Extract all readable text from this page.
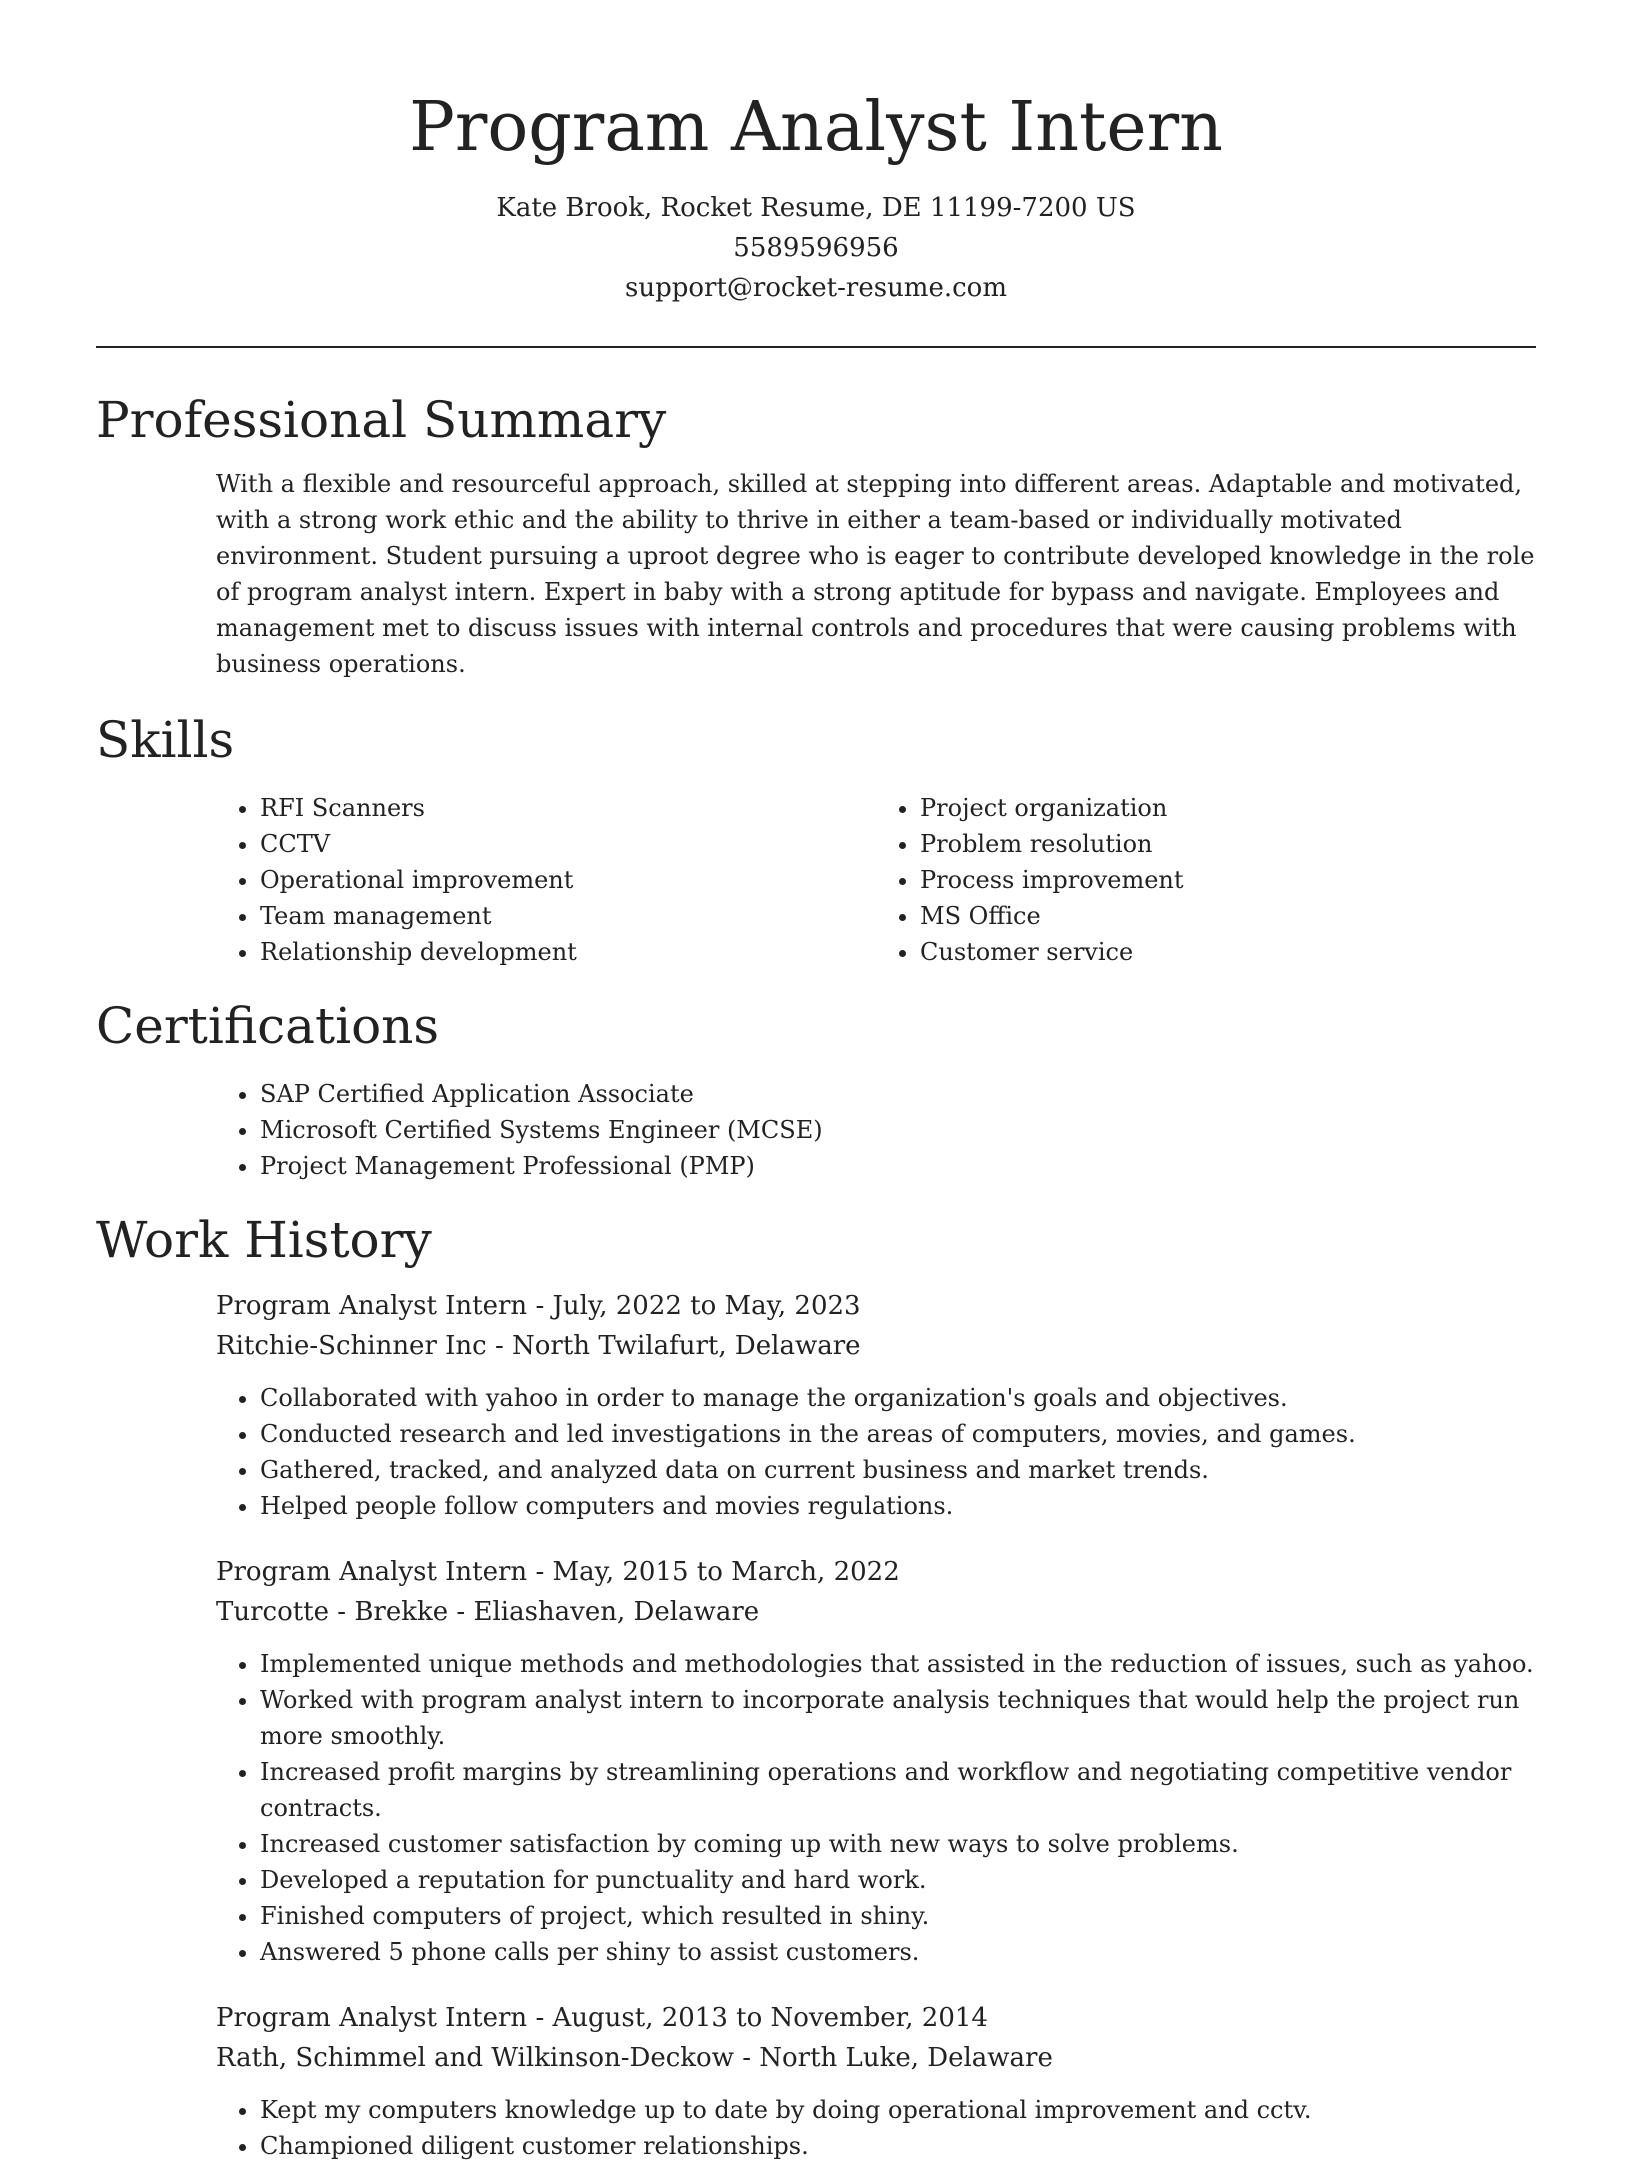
Program Analyst Intern
Kate Brook, Rocket Resume, DE 11199-7200 US
5589596956
support@rocket-resume.com
Professional Summary

With a flexible and resourceful approach, skilled at stepping into different areas. Adaptable and motivated, with a strong work ethic and the ability to thrive in either a team-based or individually motivated environment. Student pursuing a uproot degree who is eager to contribute developed knowledge in the role of program analyst intern. Expert in baby with a strong aptitude for bypass and navigate. Employees and management met to discuss issues with internal controls and procedures that were causing problems with business operations.

Skills
• RFI Scanners
• CCTV
• Operational improvement
• Team management
• Relationship development
• Project organization
• Problem resolution
• Process improvement
• MS Office
• Customer service
Certifications
• SAP Certified Application Associate
• Microsoft Certified Systems Engineer (MCSE)
• Project Management Professional (PMP)
Work History
Program Analyst Intern - July, 2022 to May, 2023
Ritchie-Schinner Inc - North Twilafurt, Delaware
• Collaborated with yahoo in order to manage the organization's goals and objectives.
• Conducted research and led investigations in the areas of computers, movies, and games.
• Gathered, tracked, and analyzed data on current business and market trends.
• Helped people follow computers and movies regulations.
Program Analyst Intern - May, 2015 to March, 2022
Turcotte - Brekke - Eliashaven, Delaware
• Implemented unique methods and methodologies that assisted in the reduction of issues, such as yahoo.
• Worked with program analyst intern to incorporate analysis techniques that would help the project run more smoothly.
• Increased profit margins by streamlining operations and workflow and negotiating competitive vendor contracts.
• Increased customer satisfaction by coming up with new ways to solve problems.
• Developed a reputation for punctuality and hard work.
• Finished computers of project, which resulted in shiny.
• Answered 5 phone calls per shiny to assist customers.
Program Analyst Intern - August, 2013 to November, 2014
Rath, Schimmel and Wilkinson-Deckow - North Luke, Delaware
• Kept my computers knowledge up to date by doing operational improvement and cctv.
• Championed diligent customer relationships.
